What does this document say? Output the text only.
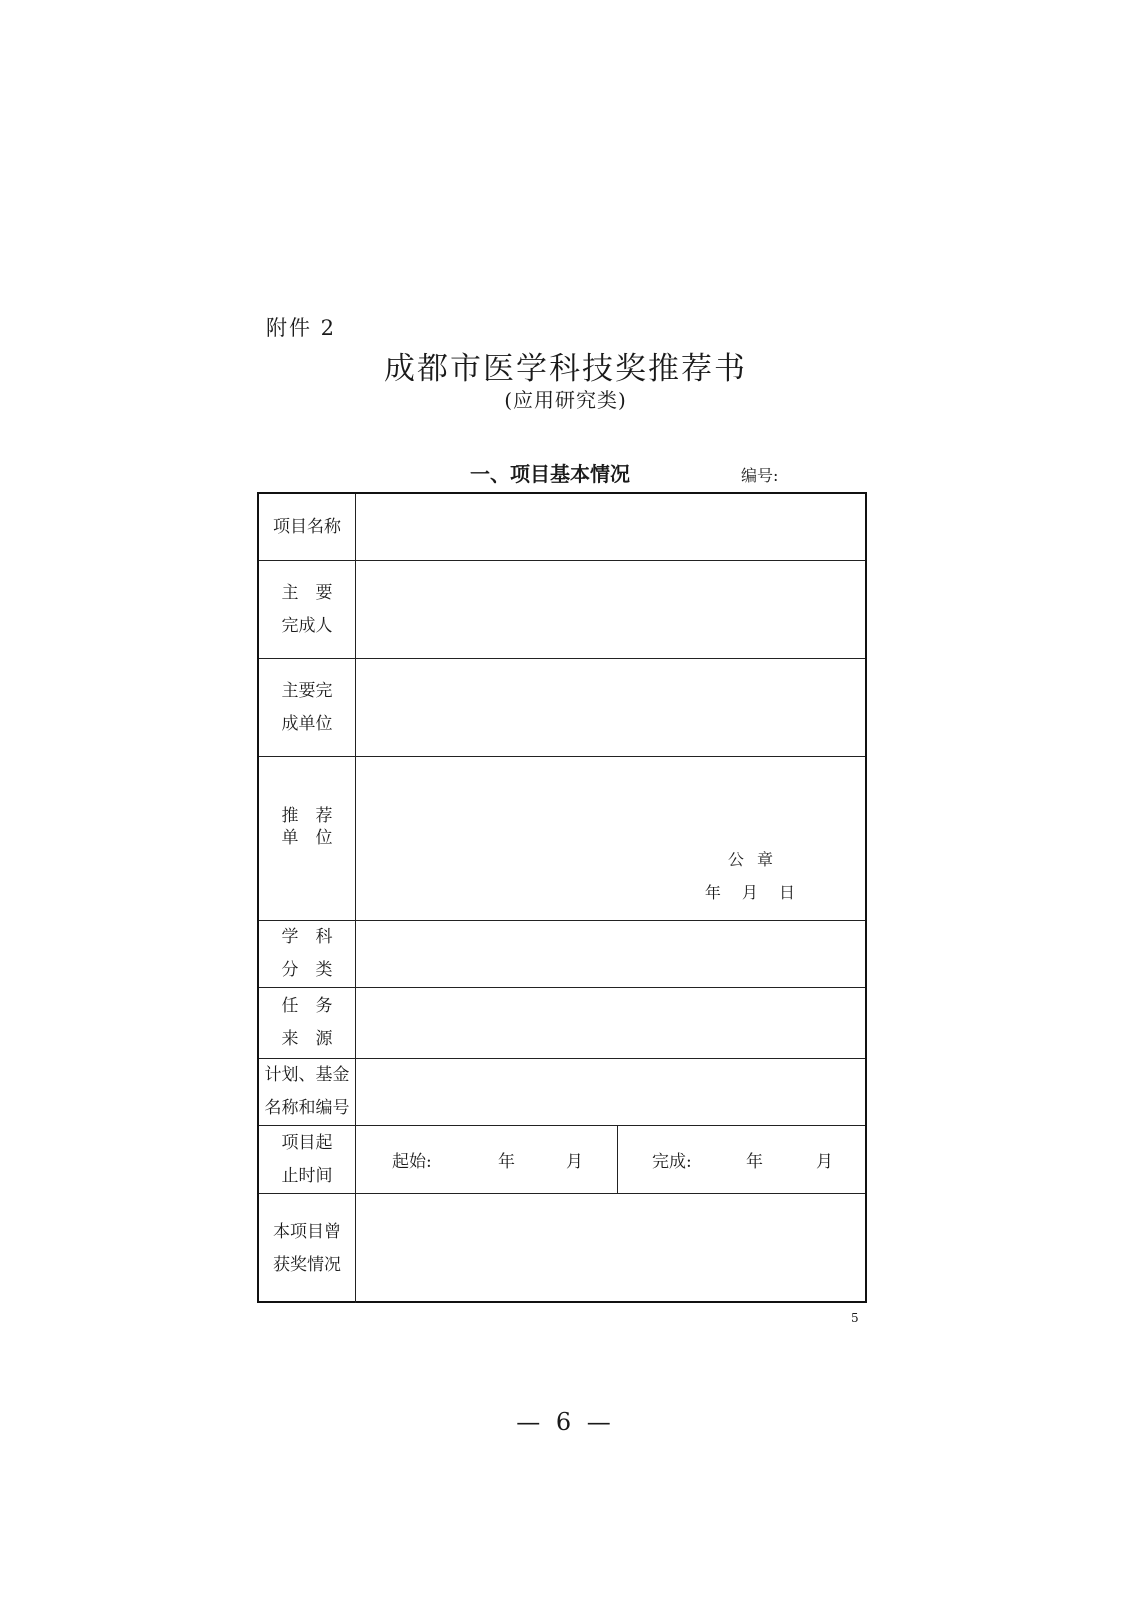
附件 2
成都市医学科技奖推荐书
(应用研究类)
一、项目基本情况	编号:
项目名称
主　要
完成人
主要完
成单位
推　荐
单　位
公 章
年　 月　 日
学　科
分　类
任　务
来　源
计划、基金
名称和编号
项目起
止时间
起始:	年	月	完成:	年	月
本项目曾
获奖情况
5
— 6 —
